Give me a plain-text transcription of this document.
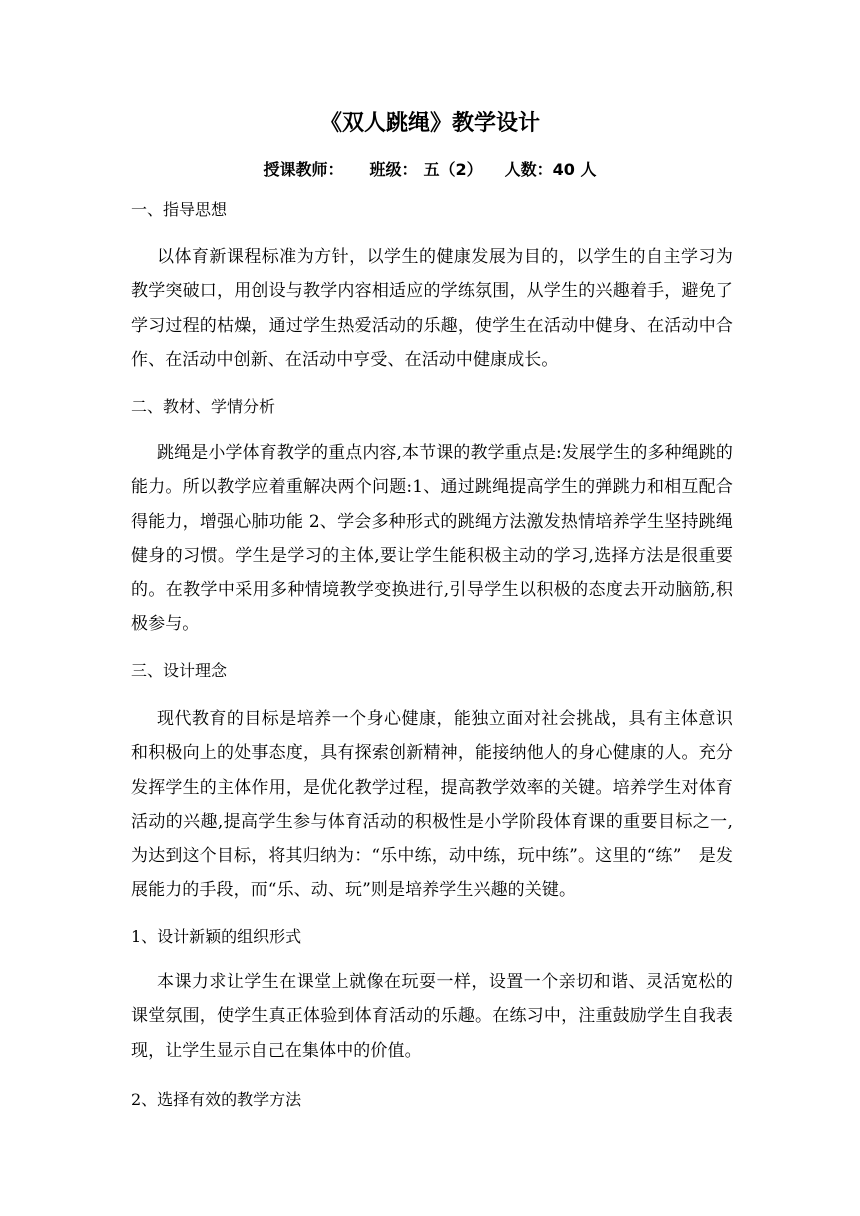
《双人跳绳》教学设计
授课教师： 班级： 五（2） 人数：40 人
一、指导思想

以体育新课程标准为方针，以学生的健康发展为目的，以学生的自主学习为教学突破口，用创设与教学内容相适应的学练氛围，从学生的兴趣着手，避免了学习过程的枯燥，通过学生热爱活动的乐趣，使学生在活动中健身、在活动中合作、在活动中创新、在活动中亨受、在活动中健康成长。

二、教材、学情分析

跳绳是小学体育教学的重点内容,本节课的教学重点是:发展学生的多种绳跳的能力。所以教学应着重解决两个问题:1、通过跳绳提高学生的弹跳力和相互配合得能力，增强心肺功能 2、学会多种形式的跳绳方法激发热情培养学生坚持跳绳健身的习惯。学生是学习的主体,要让学生能积极主动的学习,选择方法是很重要的。在教学中采用多种情境教学变换进行,引导学生以积极的态度去开动脑筋,积极参与。

三、设计理念

现代教育的目标是培养一个身心健康，能独立面对社会挑战，具有主体意识和积极向上的处事态度，具有探索创新精神，能接纳他人的身心健康的人。充分发挥学生的主体作用，是优化教学过程，提高教学效率的关键。培养学生对体育活动的兴趣,提高学生参与体育活动的积极性是小学阶段体育课的重要目标之一,为达到这个目标，将其归纳为：“乐中练，动中练，玩中练”。这里的“练”　是发展能力的手段，而“乐、动、玩”则是培养学生兴趣的关键。

1、设计新颖的组织形式

本课力求让学生在课堂上就像在玩耍一样，设置一个亲切和谐、灵活宽松的课堂氛围，使学生真正体验到体育活动的乐趣。在练习中，注重鼓励学生自我表现，让学生显示自己在集体中的价值。

2、选择有效的教学方法
